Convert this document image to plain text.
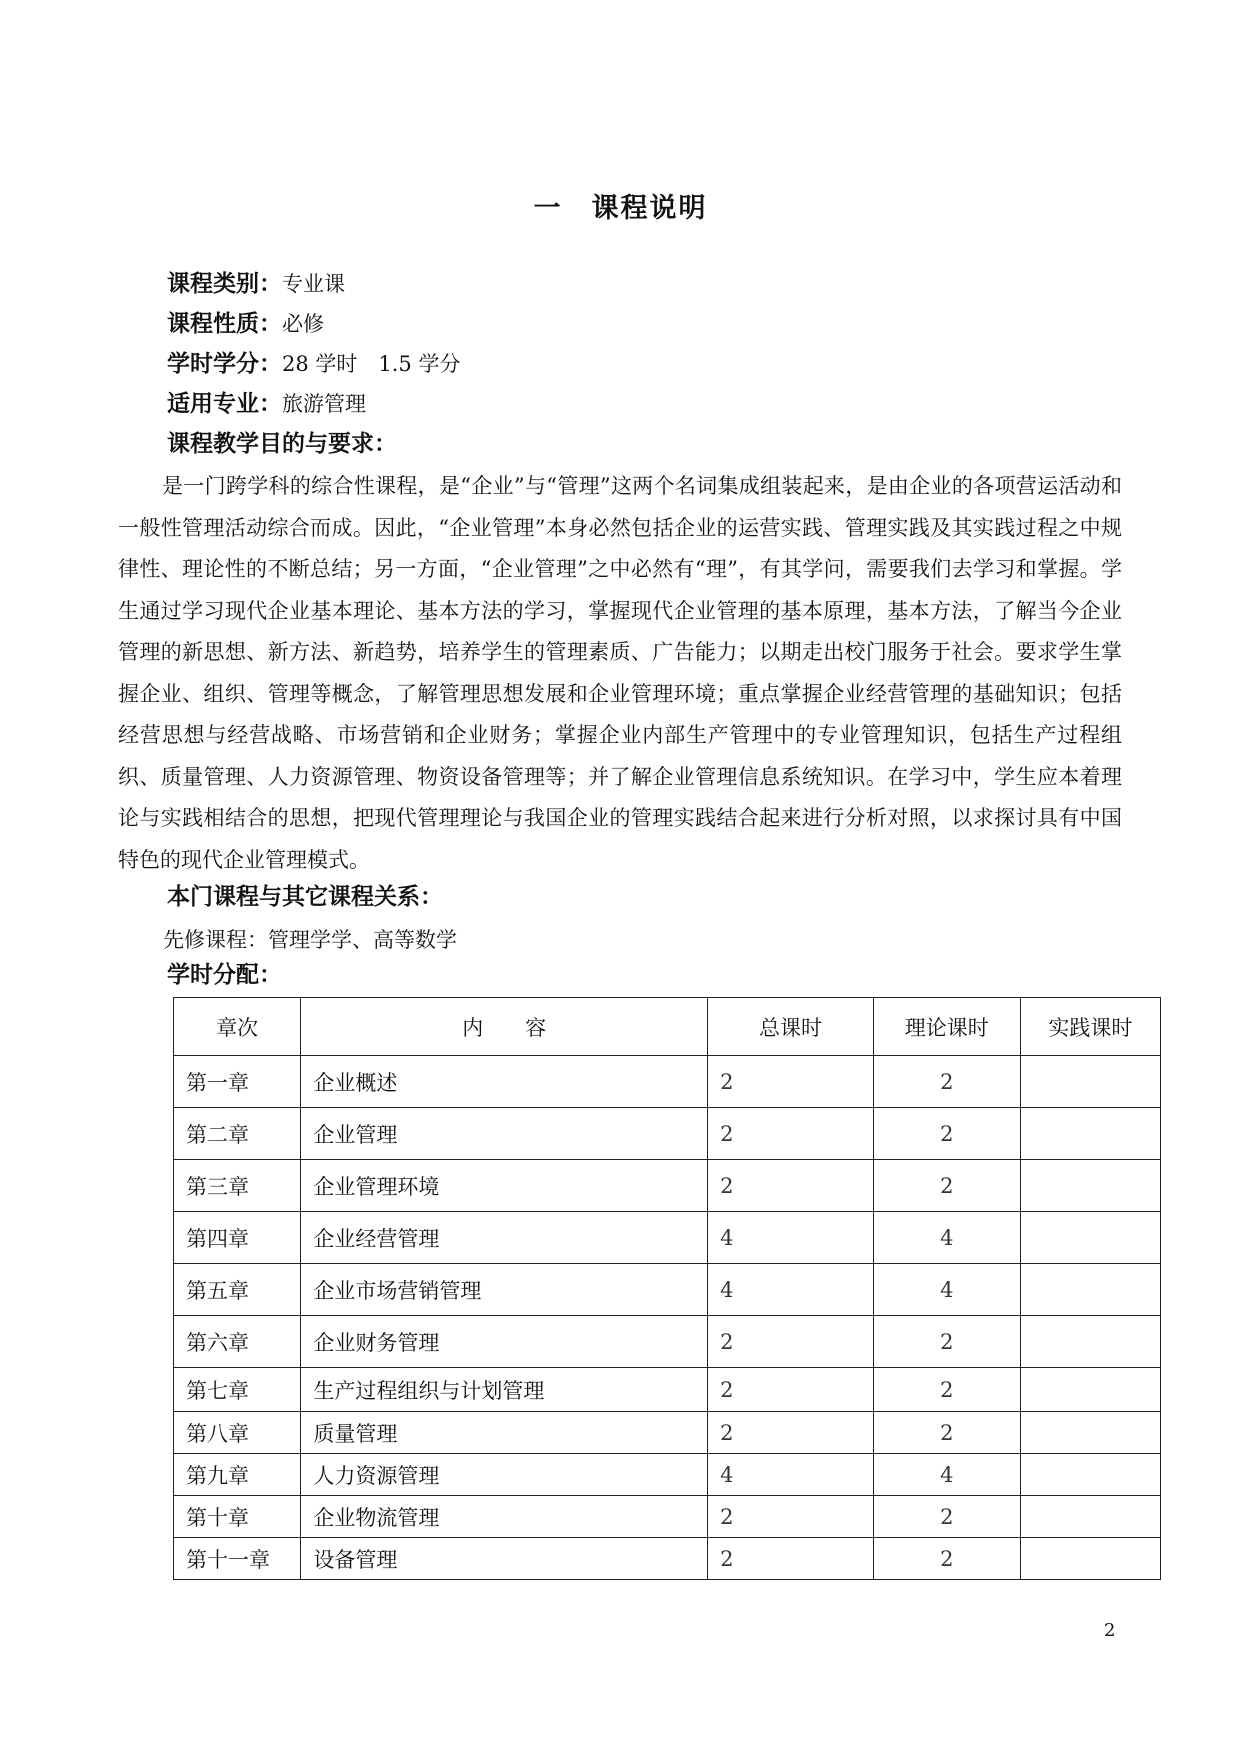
一　课程说明
课程类别：专业课
课程性质：必修
学时学分：28 学时　1.5 学分
适用专业：旅游管理
课程教学目的与要求：

是一门跨学科的综合性课程，是“企业”与“管理”这两个名词集成组装起来，是由企业的各项营运活动和一般性管理活动综合而成。因此，“企业管理”本身必然包括企业的运营实践、管理实践及其实践过程之中规律性、理论性的不断总结；另一方面，“企业管理”之中必然有“理”，有其学问，需要我们去学习和掌握。学生通过学习现代企业基本理论、基本方法的学习，掌握现代企业管理的基本原理，基本方法，了解当今企业管理的新思想、新方法、新趋势，培养学生的管理素质、广告能力；以期走出校门服务于社会。要求学生掌握企业、组织、管理等概念，了解管理思想发展和企业管理环境；重点掌握企业经营管理的基础知识；包括经营思想与经营战略、市场营销和企业财务；掌握企业内部生产管理中的专业管理知识，包括生产过程组织、质量管理、人力资源管理、物资设备管理等；并了解企业管理信息系统知识。在学习中，学生应本着理论与实践相结合的思想，把现代管理理论与我国企业的管理实践结合起来进行分析对照，以求探讨具有中国特色的现代企业管理模式。

本门课程与其它课程关系：
先修课程：管理学学、高等数学
学时分配：
章次	内　　容	总课时	理论课时	实践课时
第一章	企业概述	2	2	
第二章	企业管理	2	2	
第三章	企业管理环境	2	2	
第四章	企业经营管理	4	4	
第五章	企业市场营销管理	4	4	
第六章	企业财务管理	2	2	
第七章	生产过程组织与计划管理	2	2	
第八章	质量管理	2	2	
第九章	人力资源管理	4	4	
第十章	企业物流管理	2	2	
第十一章	设备管理	2	2	
2
